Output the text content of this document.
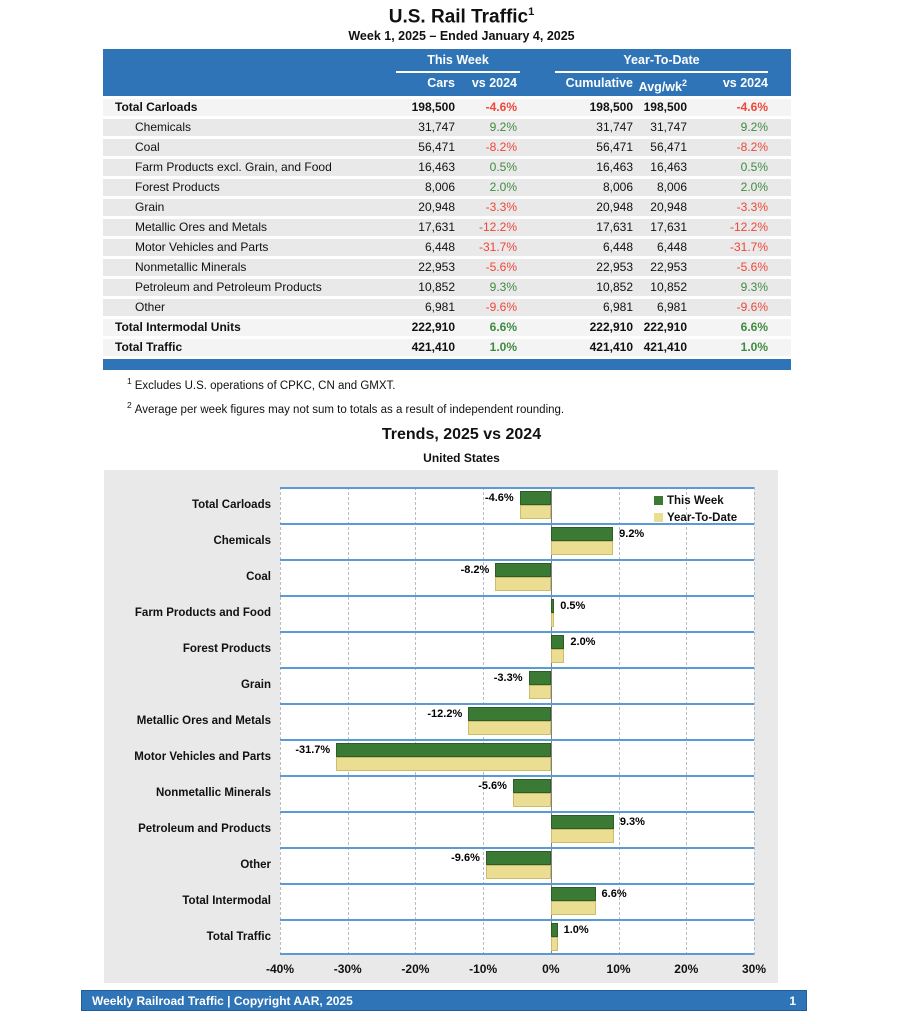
U.S. Rail Traffic$^1$
Week 1, 2025 – Ended January 4, 2025
This Week	Year-To-Date
Cars	vs 2024	Cumulative Avg/$wk^2$	vs 2024
Total Carloads	198,500	-4.6%	198,500 198,500	-4.6%
Chemicals	31,747	9.2%	31,747	31,747	9.2%
Coal	56,471	-8.2%	56,471	56,471	-8.2%
Farm Products excl. Grain, and Food	16,463	0.5%	16,463	16,463	0.5%
Forest Products	8,006	2.0%	8,006	8,006	2.0%
Grain	20,948	-3.3%	20,948	20,948	-3.3%
Metallic Ores and Metals	17,631	-12.2%	17,631	17,631	-12.2%
Motor Vehicles and Parts	6,448	-31.7%	6,448	6,448	-31.7%
Nonmetallic Minerals	22,953	-5.6%	22,953	22,953	-5.6%
Petroleum and Petroleum Products	10,852	9.3%	10,852	10,852	9.3%
Other	6,981	-9.6%	6,981	6,981	-9.6%
Total Intermodal Units	222,910	6.6%	222,910 222,910	6.6%
Total Traffic	421,410	1.0%	421,410 421,410	1.0%
$^1$ Excludes U.S. operations of CPKC, CN and GMXT.
$^2$ Average per week figures may not sum to totals as a result of independent rounding.
Trends, 2025 vs 2024
United States
Total Carloads
Chemicals
Coal
Farm Products and Food
Forest Products
Grain
Metallic Ores and Metals
Motor Vehicles and Parts
Nonmetallic Minerals
Petroleum and Products
Other
Total Intermodal
Total Traffic
This Week
Year-To-Date
-4.6%
9.2%
-8.2%
0.5%
2.0%
-3.3%
-12.2%
-31.7%
-5.6%
9.3%
-9.6%
6.6%
1.0%
-40%	-30%	-20%	-10%	0%	10%	20%	30%
Weekly Railroad Traffic | Copyright AAR, 2025	1
